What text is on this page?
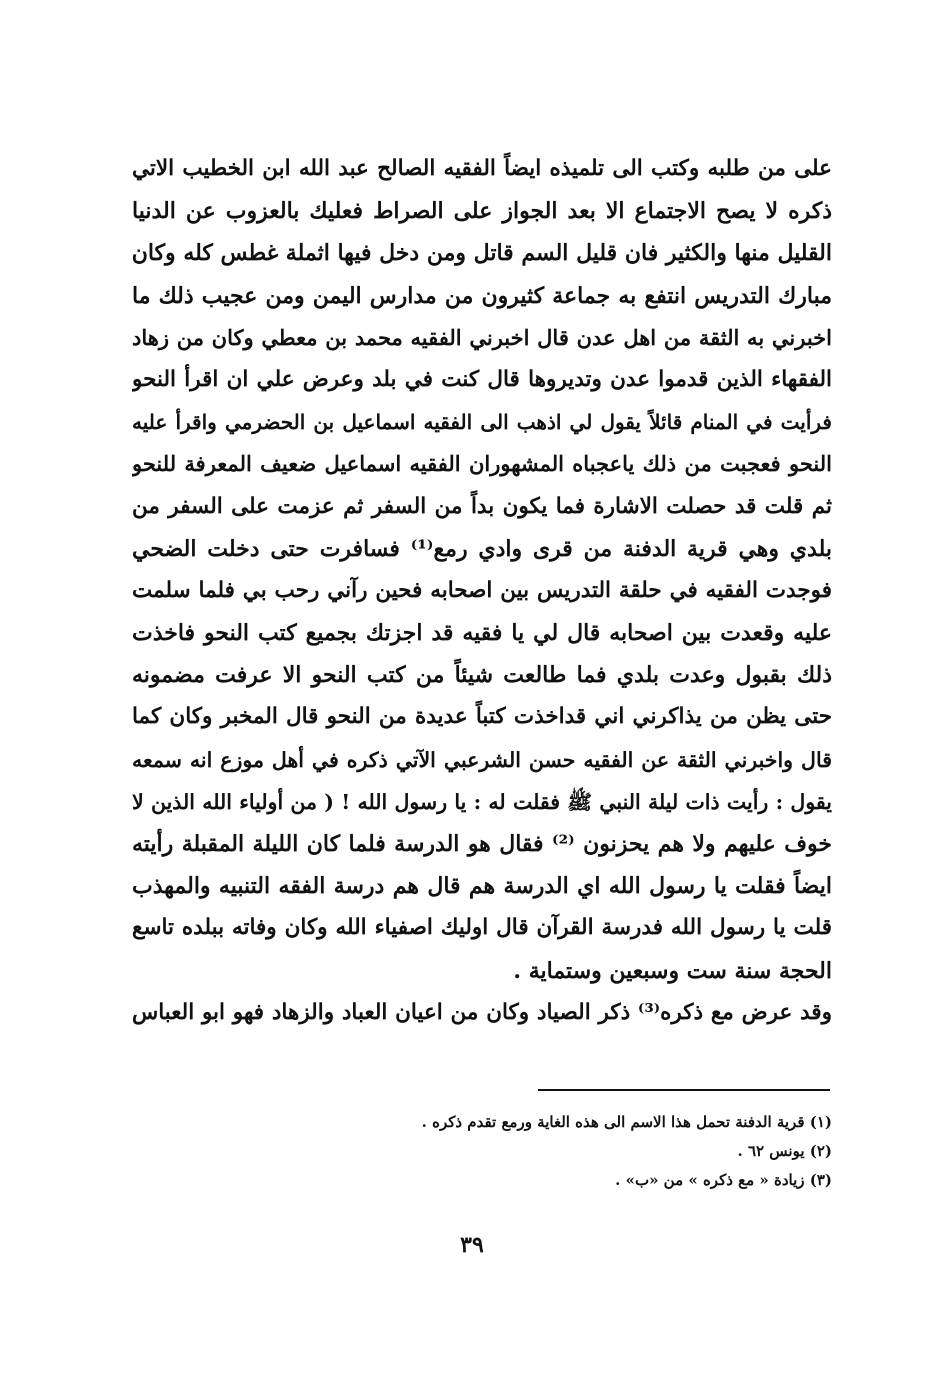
على من طلبه وكتب الى تلميذه ايضاً الفقيه الصالح عبد الله ابن الخطيب الاتي
ذكره لا يصح الاجتماع الا بعد الجواز على الصراط فعليك بالعزوب عن الدنيا
القليل منها والكثير فان قليل السم قاتل ومن دخل فيها اثملة غطس كله وكان
مبارك التدريس انتفع به جماعة كثيرون من مدارس اليمن ومن عجيب ذلك ما
اخبرني به الثقة من اهل عدن قال اخبرني الفقيه محمد بن معطي وكان من زهاد
الفقهاء الذين قدموا عدن وتديروها قال كنت في بلد وعرض علي ان اقرأ النحو
فرأيت في المنام قائلاً يقول لي اذهب الى الفقيه اسماعيل بن الحضرمي واقرأ عليه
النحو فعجبت من ذلك ياعجباه المشهوران الفقيه اسماعيل ضعيف المعرفة للنحو
ثم قلت قد حصلت الاشارة فما يكون بداً من السفر ثم عزمت على السفر من
بلدي وهي قرية الدفنة من قرى وادي رمع⁽¹⁾ فسافرت حتى دخلت الضحي
فوجدت الفقيه في حلقة التدريس بين اصحابه فحين رآني رحب بي فلما سلمت
عليه وقعدت بين اصحابه قال لي يا فقيه قد اجزتك بجميع كتب النحو فاخذت
ذلك بقبول وعدت بلدي فما طالعت شيئاً من كتب النحو الا عرفت مضمونه
حتى يظن من يذاكرني اني قداخذت كتباً عديدة من النحو قال المخبر وكان كما
قال واخبرني الثقة عن الفقيه حسن الشرعبي الآتي ذكره في أهل موزع انه سمعه
يقول : رأيت ذات ليلة النبي ﷺ فقلت له : يا رسول الله ! ( من أولياء الله الذين لا
خوف عليهم ولا هم يحزنون ⁽²⁾ فقال هو الدرسة فلما كان الليلة المقبلة رأيته
ايضاً فقلت يا رسول الله اي الدرسة هم قال هم درسة الفقه التنبيه والمهذب
قلت يا رسول الله فدرسة القرآن قال اوليك اصفياء الله وكان وفاته ببلده تاسع
الحجة سنة ست وسبعين وستماية .
وقد عرض مع ذكره⁽³⁾ ذكر الصياد وكان من اعيان العباد والزهاد فهو ابو العباس
(١) قرية الدفنة تحمل هذا الاسم الى هذه الغاية ورمع تقدم ذكره .
(٢) يونس ٦٢ .
(٣) زيادة « مع ذكره » من «ب» .
٣٩
